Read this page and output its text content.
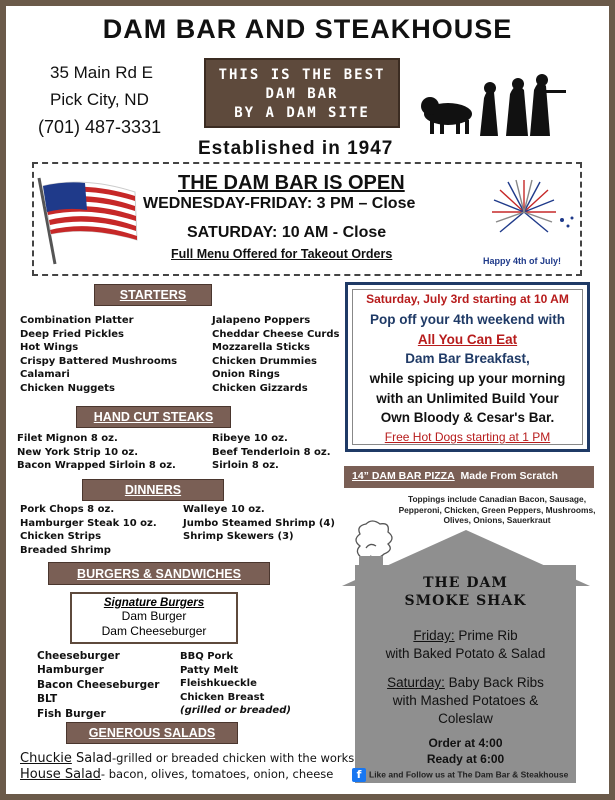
DAM BAR AND STEAKHOUSE
35 Main Rd E
Pick City, ND
(701) 487-3331
THIS IS THE BEST
DAM BAR
BY A DAM SITE
Established in 1947
THE DAM BAR IS OPEN
WEDNESDAY-FRIDAY: 3 PM – Close
SATURDAY: 10 AM - Close
Full Menu Offered for Takeout Orders	Happy 4th of July!
STARTERS
Combination Platter
Deep Fried Pickles
Hot Wings
Crispy Battered Mushrooms
Calamari
Chicken Nuggets
Jalapeno Poppers
Cheddar Cheese Curds
Mozzarella Sticks
Chicken Drummies
Onion Rings
Chicken Gizzards
HAND CUT STEAKS
Filet Mignon 8 oz.
New York Strip 10 oz.
Bacon Wrapped Sirloin 8 oz.
Ribeye 10 oz.
Beef Tenderloin 8 oz.
Sirloin 8 oz.
DINNERS
Pork Chops 8 oz.
Hamburger Steak 10 oz.
Chicken Strips
Breaded Shrimp
Walleye 10 oz.
Jumbo Steamed Shrimp (4)
Shrimp Skewers (3)
BURGERS & SANDWICHES
Signature Burgers
Dam Burger
Dam Cheeseburger
Cheeseburger
Hamburger
Bacon Cheeseburger
BLT
Fish Burger
BBQ Pork
Patty Melt
Fleishkueckle
Chicken Breast
(grilled or breaded)
GENEROUS SALADS
Chuckie Salad-grilled or breaded chicken with the works
House Salad- bacon, olives, tomatoes, onion, cheese
Saturday, July 3rd starting at 10 AM
Pop off your 4th weekend with
All You Can Eat
Dam Bar Breakfast,
while spicing up your morning
with an Unlimited Build Your
Own Bloody & Cesar's Bar.
Free Hot Dogs starting at 1 PM
14” DAM BAR PIZZA Made From Scratch
Toppings include Canadian Bacon, Sausage, Pepperoni, Chicken, Green Peppers, Mushrooms, Olives, Onions, Sauerkraut
THE DAM
SMOKE SHAK
Friday: Prime Rib
with Baked Potato & Salad
Saturday: Baby Back Ribs
with Mashed Potatoes &
Coleslaw
Order at 4:00
Ready at 6:00
f Like and Follow us at The Dam Bar & Steakhouse
